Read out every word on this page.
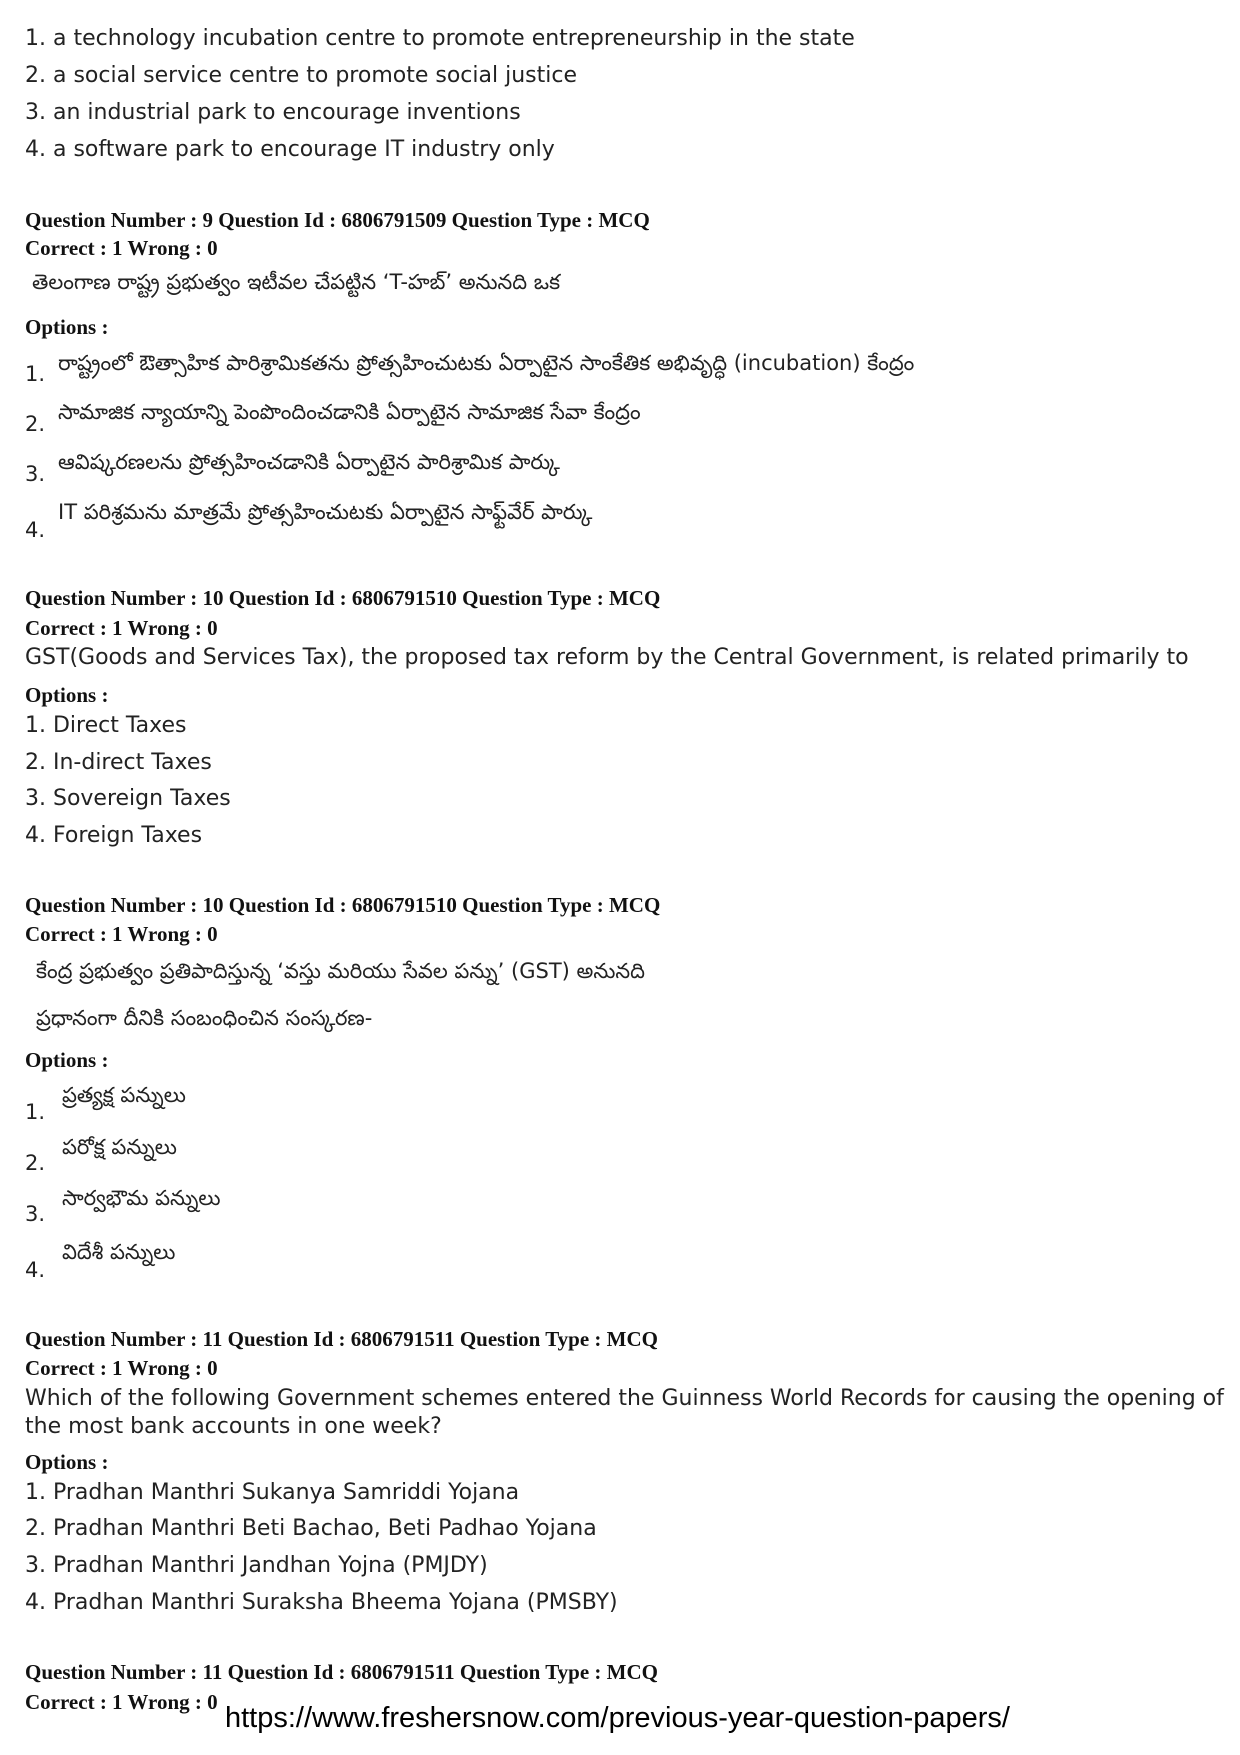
1. a technology incubation centre to promote entrepreneurship in the state
2. a social service centre to promote social justice
3. an industrial park to encourage inventions
4. a software park to encourage IT industry only
Question Number : 9 Question Id : 6806791509 Question Type : MCQ
Correct : 1 Wrong : 0
తెలంగాణ రాష్ట్ర ప్రభుత్వం ఇటీవల చేపట్టిన ‘T-హబ్’ అనునది ఒక
Options :
1. రాష్ట్రంలో ఔత్సాహిక పారిశ్రామికతను ప్రోత్సహించుటకు ఏర్పాటైన సాంకేతిక అభివృద్ధి (incubation) కేంద్రం
2. సామాజిక న్యాయాన్ని పెంపొందించడానికి ఏర్పాటైన సామాజిక సేవా కేంద్రం
3. ఆవిష్కరణలను ప్రోత్సహించడానికి ఏర్పాటైన పారిశ్రామిక పార్కు
4.
IT పరిశ్రమను మాత్రమే ప్రోత్సహించుటకు ఏర్పాటైన సాఫ్ట్‌వేర్ పార్కు
Question Number : 10 Question Id : 6806791510 Question Type : MCQ
Correct : 1 Wrong : 0
GST(Goods and Services Tax), the proposed tax reform by the Central Government, is related primarily to
Options :
1. Direct Taxes
2. In-direct Taxes
3. Sovereign Taxes
4. Foreign Taxes
Question Number : 10 Question Id : 6806791510 Question Type : MCQ
Correct : 1 Wrong : 0
కేంద్ర ప్రభుత్వం ప్రతిపాదిస్తున్న ‘వస్తు మరియు సేవల పన్ను’ (GST) అనునది
ప్రధానంగా దీనికి సంబంధించిన సంస్కరణ-
Options :
1.
ప్రత్యక్ష పన్నులు
2.
పరోక్ష పన్నులు
3.
సార్వభౌమ పన్నులు
4.
విదేశీ పన్నులు
Question Number : 11 Question Id : 6806791511 Question Type : MCQ
Correct : 1 Wrong : 0
Which of the following Government schemes entered the Guinness World Records for causing the opening of
the most bank accounts in one week?
Options :
1. Pradhan Manthri Sukanya Samriddi Yojana
2. Pradhan Manthri Beti Bachao, Beti Padhao Yojana
3. Pradhan Manthri Jandhan Yojna (PMJDY)
4. Pradhan Manthri Suraksha Bheema Yojana (PMSBY)
Question Number : 11 Question Id : 6806791511 Question Type : MCQ
Correct : 1 Wrong : 0 https://www.freshersnow.com/previous-year-question-papers/
